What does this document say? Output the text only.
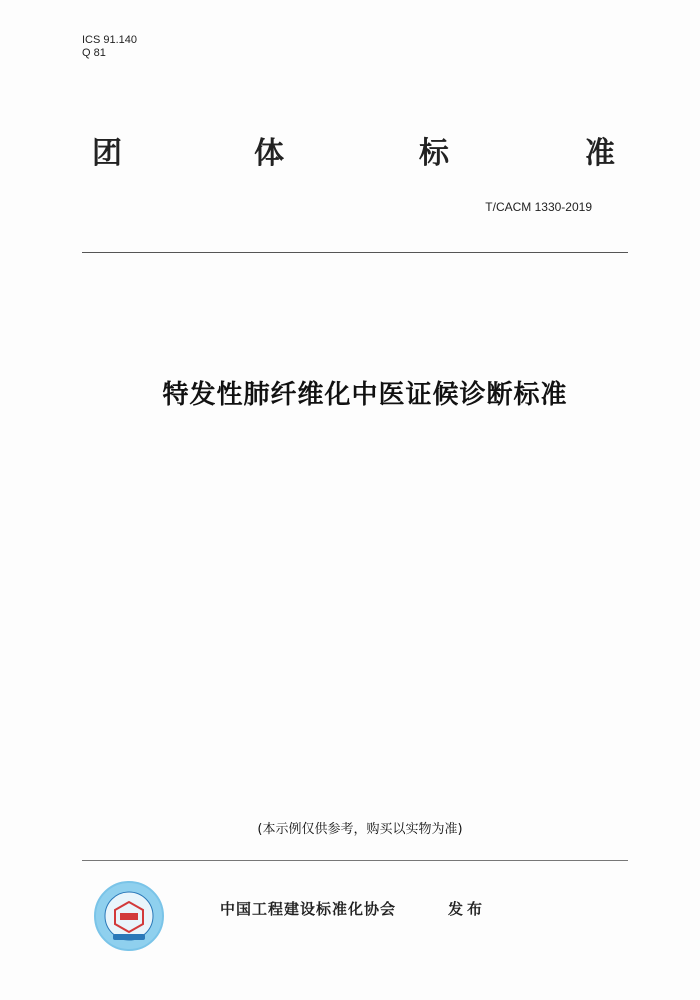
ICS 91.140
Q 81
团	体	标	准
T/CACM 1330-2019
特发性肺纤维化中医证候诊断标准
(本示例仅供参考，购买以实物为准)
中国工程建设标准化协会	发布
